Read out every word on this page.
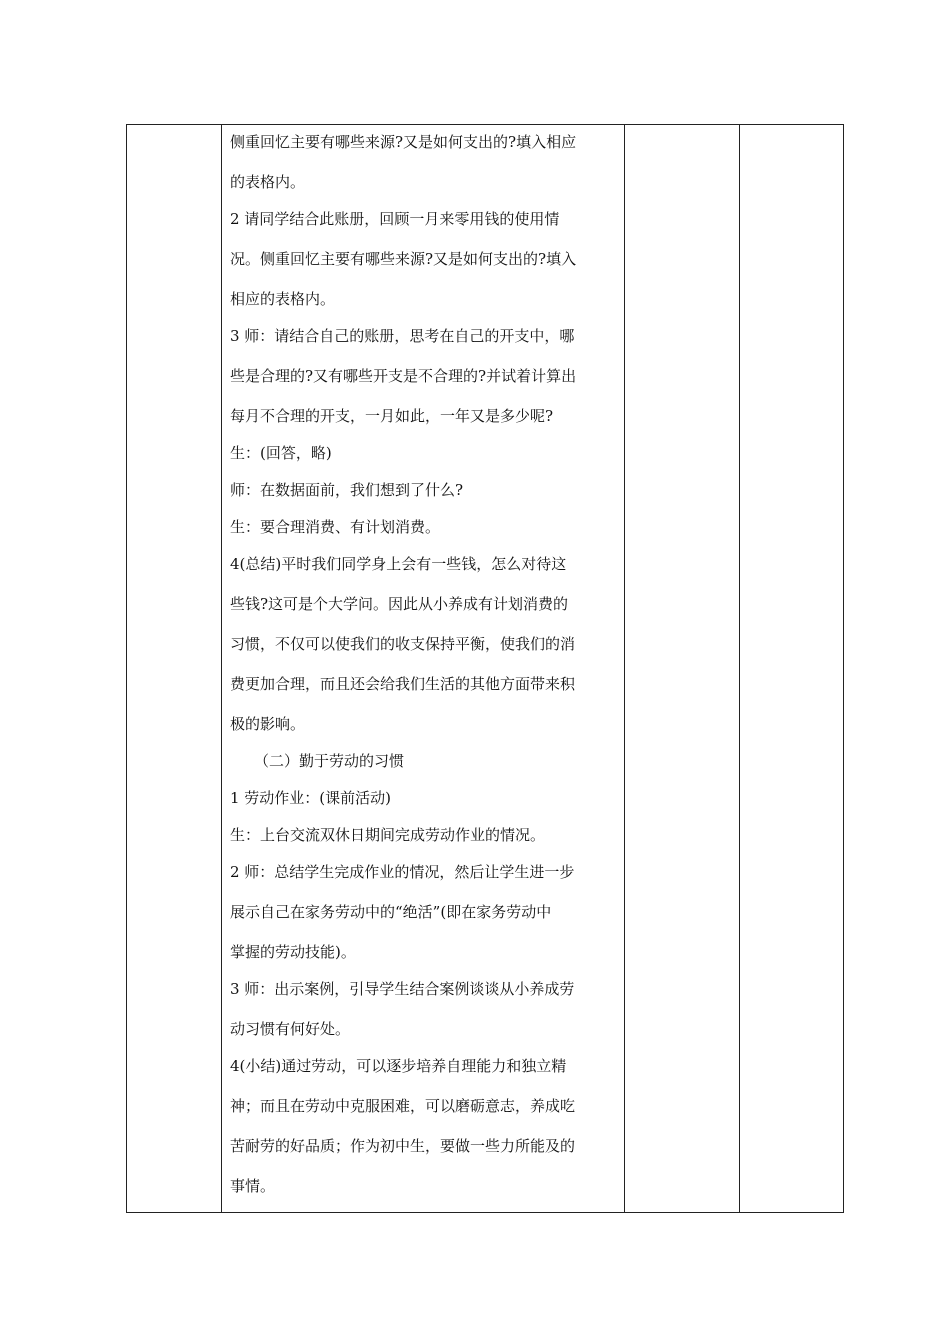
侧重回忆主要有哪些来源?又是如何支出的?填入相应
的表格内。
2 请同学结合此账册，回顾一月来零用钱的使用情
况。侧重回忆主要有哪些来源?又是如何支出的?填入
相应的表格内。
3 师：请结合自己的账册，思考在自己的开支中，哪
些是合理的?又有哪些开支是不合理的?并试着计算出
每月不合理的开支，一月如此，一年又是多少呢?
生：(回答，略)
师：在数据面前，我们想到了什么?
生：要合理消费、有计划消费。
4(总结)平时我们同学身上会有一些钱，怎么对待这
些钱?这可是个大学问。因此从小养成有计划消费的
习惯，不仅可以使我们的收支保持平衡，使我们的消
费更加合理，而且还会给我们生活的其他方面带来积
极的影响。
（二）勤于劳动的习惯
1 劳动作业：(课前活动)
生：上台交流双休日期间完成劳动作业的情况。
2 师：总结学生完成作业的情况，然后让学生进一步
展示自己在家务劳动中的“绝活”(即在家务劳动中
掌握的劳动技能)。
3 师：出示案例，引导学生结合案例谈谈从小养成劳
动习惯有何好处。
4(小结)通过劳动，可以逐步培养自理能力和独立精
神；而且在劳动中克服困难，可以磨砺意志，养成吃
苦耐劳的好品质；作为初中生，要做一些力所能及的
事情。
